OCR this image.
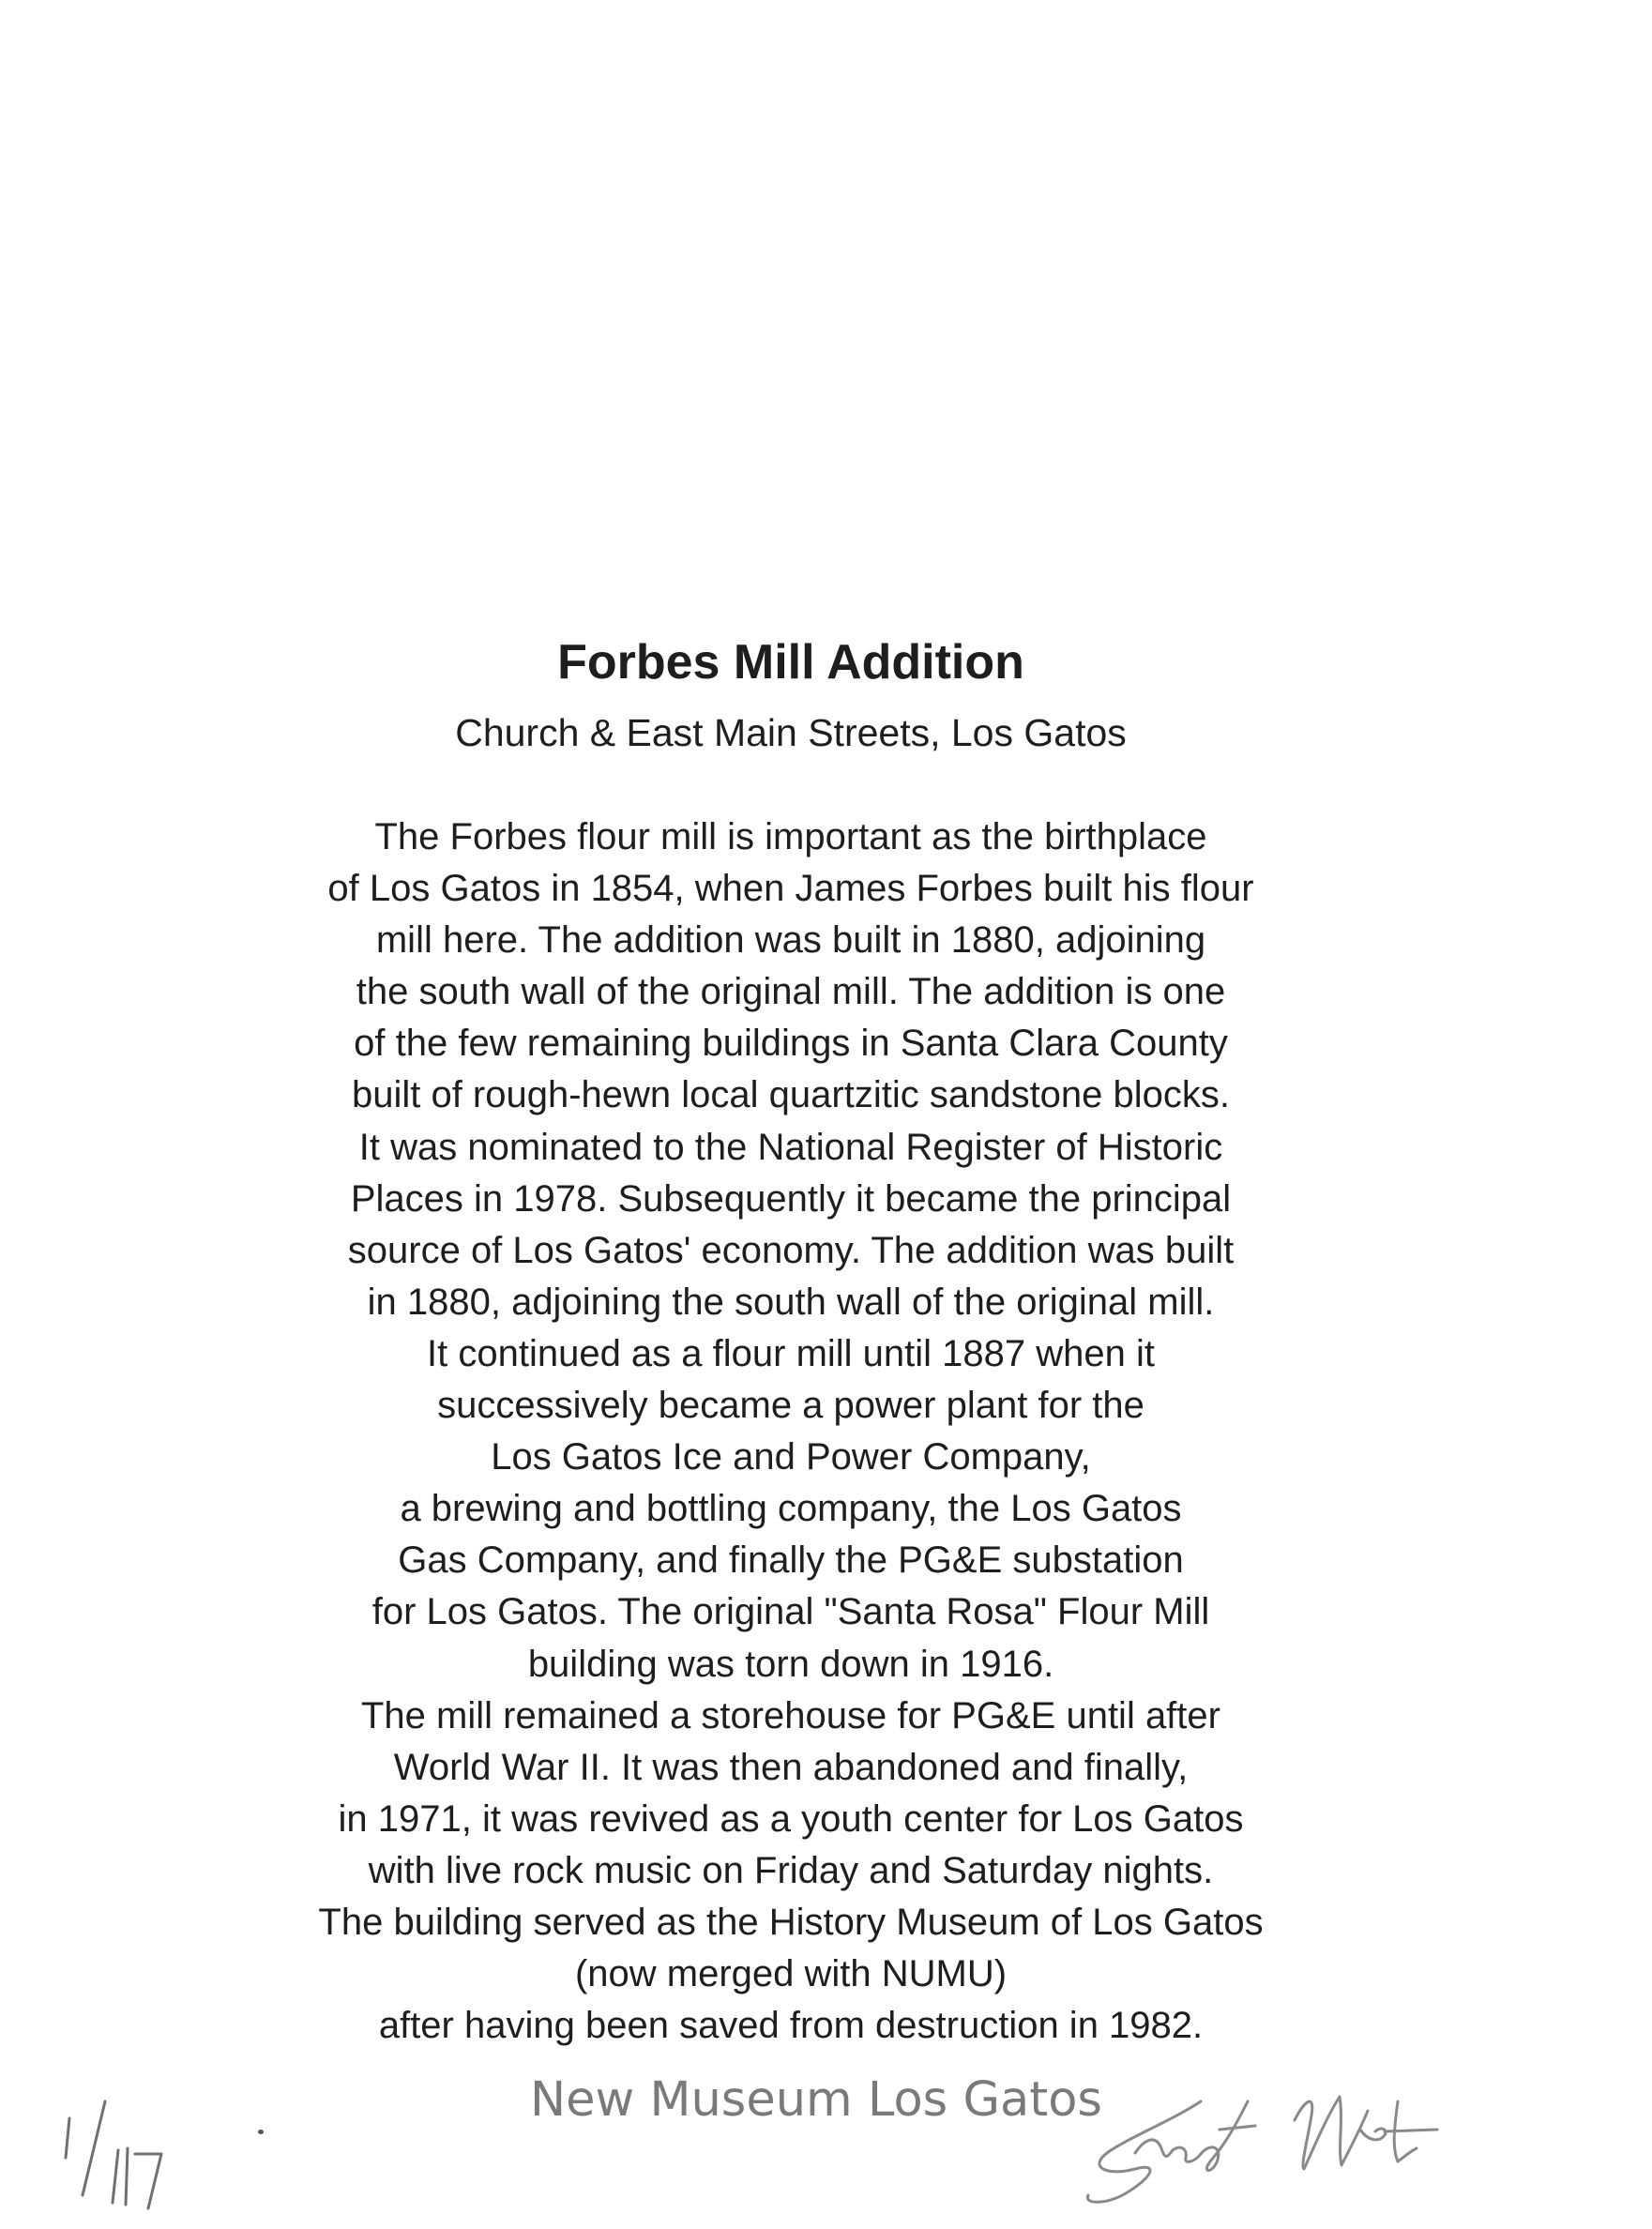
Forbes Mill Addition

Church & East Main Streets, Los Gatos

The Forbes flour mill is important as the birthplace
of Los Gatos in 1854, when James Forbes built his flour
mill here. The addition was built in 1880, adjoining
the south wall of the original mill. The addition is one
of the few remaining buildings in Santa Clara County
built of rough-hewn local quartzitic sandstone blocks.
It was nominated to the National Register of Historic
Places in 1978. Subsequently it became the principal
source of Los Gatos' economy. The addition was built
in 1880, adjoining the south wall of the original mill.
It continued as a flour mill until 1887 when it
successively became a power plant for the
Los Gatos Ice and Power Company,
a brewing and bottling company, the Los Gatos
Gas Company, and finally the PG&E substation
for Los Gatos. The original "Santa Rosa" Flour Mill
building was torn down in 1916.
The mill remained a storehouse for PG&E until after
World War II. It was then abandoned and finally,
in 1971, it was revived as a youth center for Los Gatos
with live rock music on Friday and Saturday nights.
The building served as the History Museum of Los Gatos
(now merged with NUMU)
after having been saved from destruction in 1982.

New Museum Los Gatos
